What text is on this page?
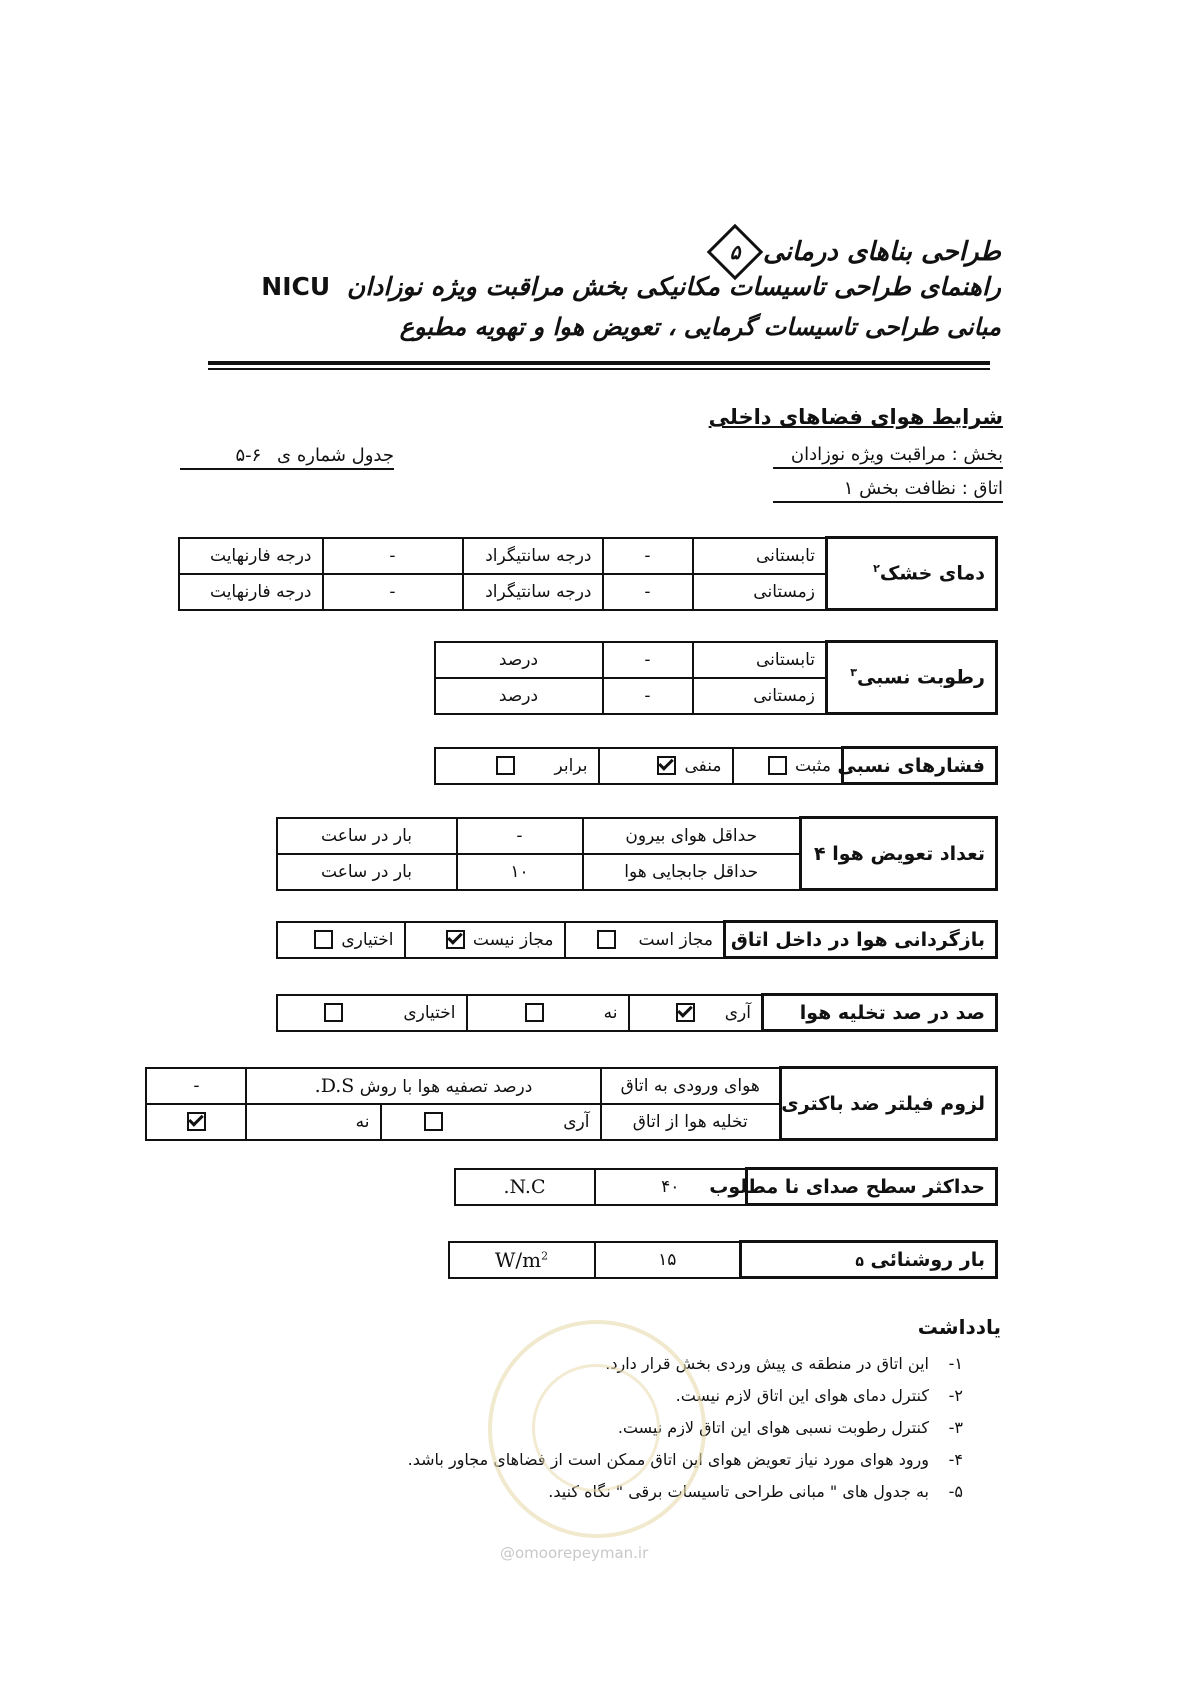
طراحی بناهای درمانی
۵
راهنمای طراحی تاسیسات مکانیکی بخش مراقبت ویژه نوزادان NICU
مبانی طراحی تاسیسات گرمایی ، تعویض هوا و تهویه مطبوع
شرایط هوای فضاهای داخلی
بخش : مراقبت ویژه نوزادان
اتاق : نظافت بخش ۱
جدول شماره ی ۶-۵
دمای خشک$^۲$	تابستانی	-	درجه سانتیگراد	-	درجه فارنهایت
	زمستانی	-	درجه سانتیگراد	-	درجه فارنهایت
رطوبت نسبی$^۳$	تابستانی	-	درصد
	زمستانی	-	درصد
فشارهای نسبی	مثبت	منفی	برابر
تعداد تعویض هوا ۴	حداقل هوای بیرون	-	بار در ساعت
	حداقل جابجایی هوا	۱۰	بار در ساعت
بازگردانی هوا در داخل اتاق	مجاز است	مجاز نیست	اختیاری
صد در صد تخلیه هوا	آری	نه	اختیاری
لزوم فیلتر ضد باکتری	هوای ورودی به اتاق	درصد تصفیه هوا با روش D.S.		-
	تخلیه هوا از اتاق	آری	نه	
حداکثر سطح صدای نا مطلوب	۴۰	N.C.
بار روشنائی ۵	۱۵	$W/m^2$
یادداشت
۱-این اتاق در منطقه ی پیش وردی بخش قرار دارد.
۲-کنترل دمای هوای این اتاق لازم نیست.
۳-کنترل رطوبت نسبی هوای این اتاق لازم نیست.
۴-ورود هوای مورد نیاز تعویض هوای این اتاق ممکن است از فضاهای مجاور باشد.
۵-به جدول های " مبانی طراحی تاسیسات برقی " نگاه کنید.
@omoorepeyman.ir
